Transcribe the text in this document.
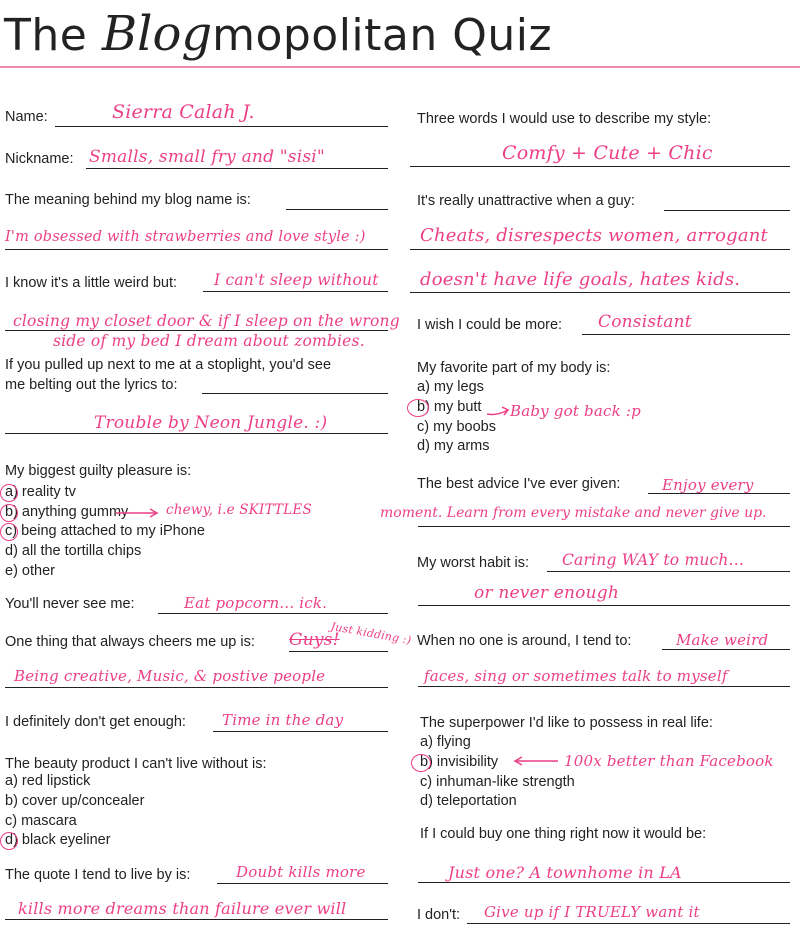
The Blogmopolitan Quiz
Name:	Sierra Calah J.
Nickname: Smalls, small fry and "sisi"
The meaning behind my blog name is:
I'm obsessed with strawberries and love style :)
I know it's a little weird but: I can't sleep without
closing my closet door & if I sleep on the wrong
side of my bed I dream about zombies.
If you pulled up next to me at a stoplight, you'd see
me belting out the lyrics to:
Trouble by Neon Jungle. :)
My biggest guilty pleasure is:
a) reality tv
b) anything gummy
c) being attached to my iPhone
d) all the tortilla chips
e) other
chewy, i.e SKITTLES
You'll never see me:	Eat popcorn... ick.
One thing that always cheers me up is: Guys!
Just kidding :)
Being creative, Music, & postive people
I definitely don't get enough: Time in the day
The beauty product I can't live without is:
a) red lipstick
b) cover up/concealer
c) mascara
d) black eyeliner
The quote I tend to live by is:	Doubt kills more
kills more dreams than failure ever will
Three words I would use to describe my style:
Comfy + Cute + Chic
It's really unattractive when a guy:
Cheats, disrespects women, arrogant
doesn't have life goals, hates kids.
I wish I could be more: Consistant
My favorite part of my body is:
a) my legs
b) my butt
c) my boobs
d) my arms
Baby got back :p
The best advice I've ever given:	Enjoy every
moment. Learn from every mistake and never give up.
My worst habit is: Caring WAY to much...
or never enough
When no one is around, I tend to:	Make weird
faces, sing or sometimes talk to myself
The superpower I'd like to possess in real life:
a) flying
b) invisibility
c) inhuman-like strength
d) teleportation
100x better than Facebook
If I could buy one thing right now it would be:
Just one? A townhome in LA
I don't: Give up if I TRUELY want it
